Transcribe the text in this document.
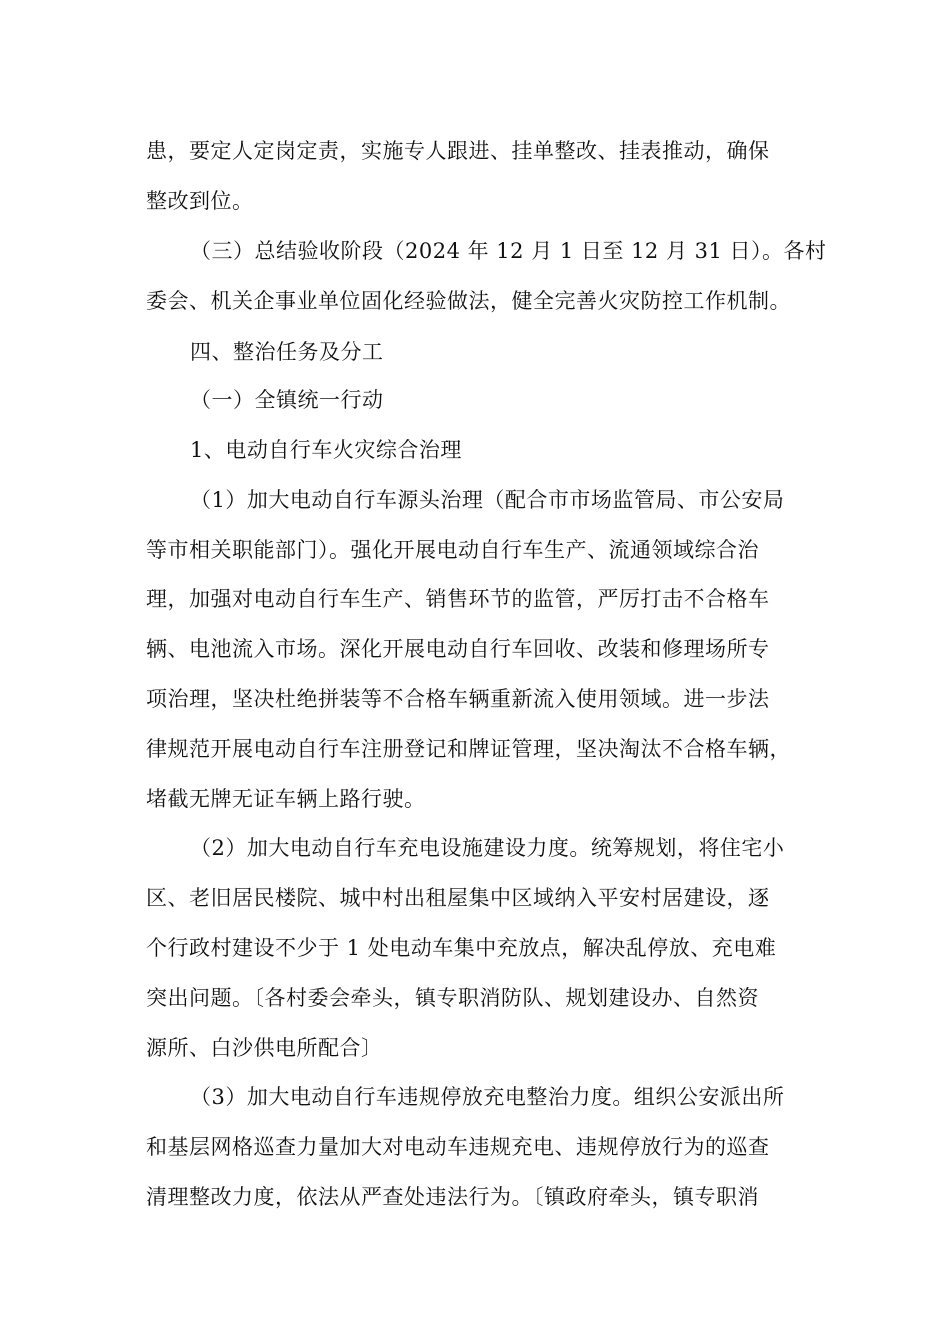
患，要定人定岗定责，实施专人跟进、挂单整改、挂表推动，确保
整改到位。
（三）总结验收阶段（2024 年 12 月 1 日至 12 月 31 日）。各村
委会、机关企事业单位固化经验做法，健全完善火灾防控工作机制。
四、整治任务及分工
（一）全镇统一行动
1、电动自行车火灾综合治理
（1）加大电动自行车源头治理（配合市市场监管局、市公安局
等市相关职能部门）。强化开展电动自行车生产、流通领域综合治
理，加强对电动自行车生产、销售环节的监管，严厉打击不合格车
辆、电池流入市场。深化开展电动自行车回收、改装和修理场所专
项治理，坚决杜绝拼装等不合格车辆重新流入使用领域。进一步法
律规范开展电动自行车注册登记和牌证管理，坚决淘汰不合格车辆，
堵截无牌无证车辆上路行驶。
（2）加大电动自行车充电设施建设力度。统筹规划，将住宅小
区、老旧居民楼院、城中村出租屋集中区域纳入平安村居建设，逐
个行政村建设不少于 1 处电动车集中充放点，解决乱停放、充电难
突出问题。〔各村委会牵头，镇专职消防队、规划建设办、自然资
源所、白沙供电所配合〕
（3）加大电动自行车违规停放充电整治力度。组织公安派出所
和基层网格巡查力量加大对电动车违规充电、违规停放行为的巡查
清理整改力度，依法从严查处违法行为。〔镇政府牵头，镇专职消
